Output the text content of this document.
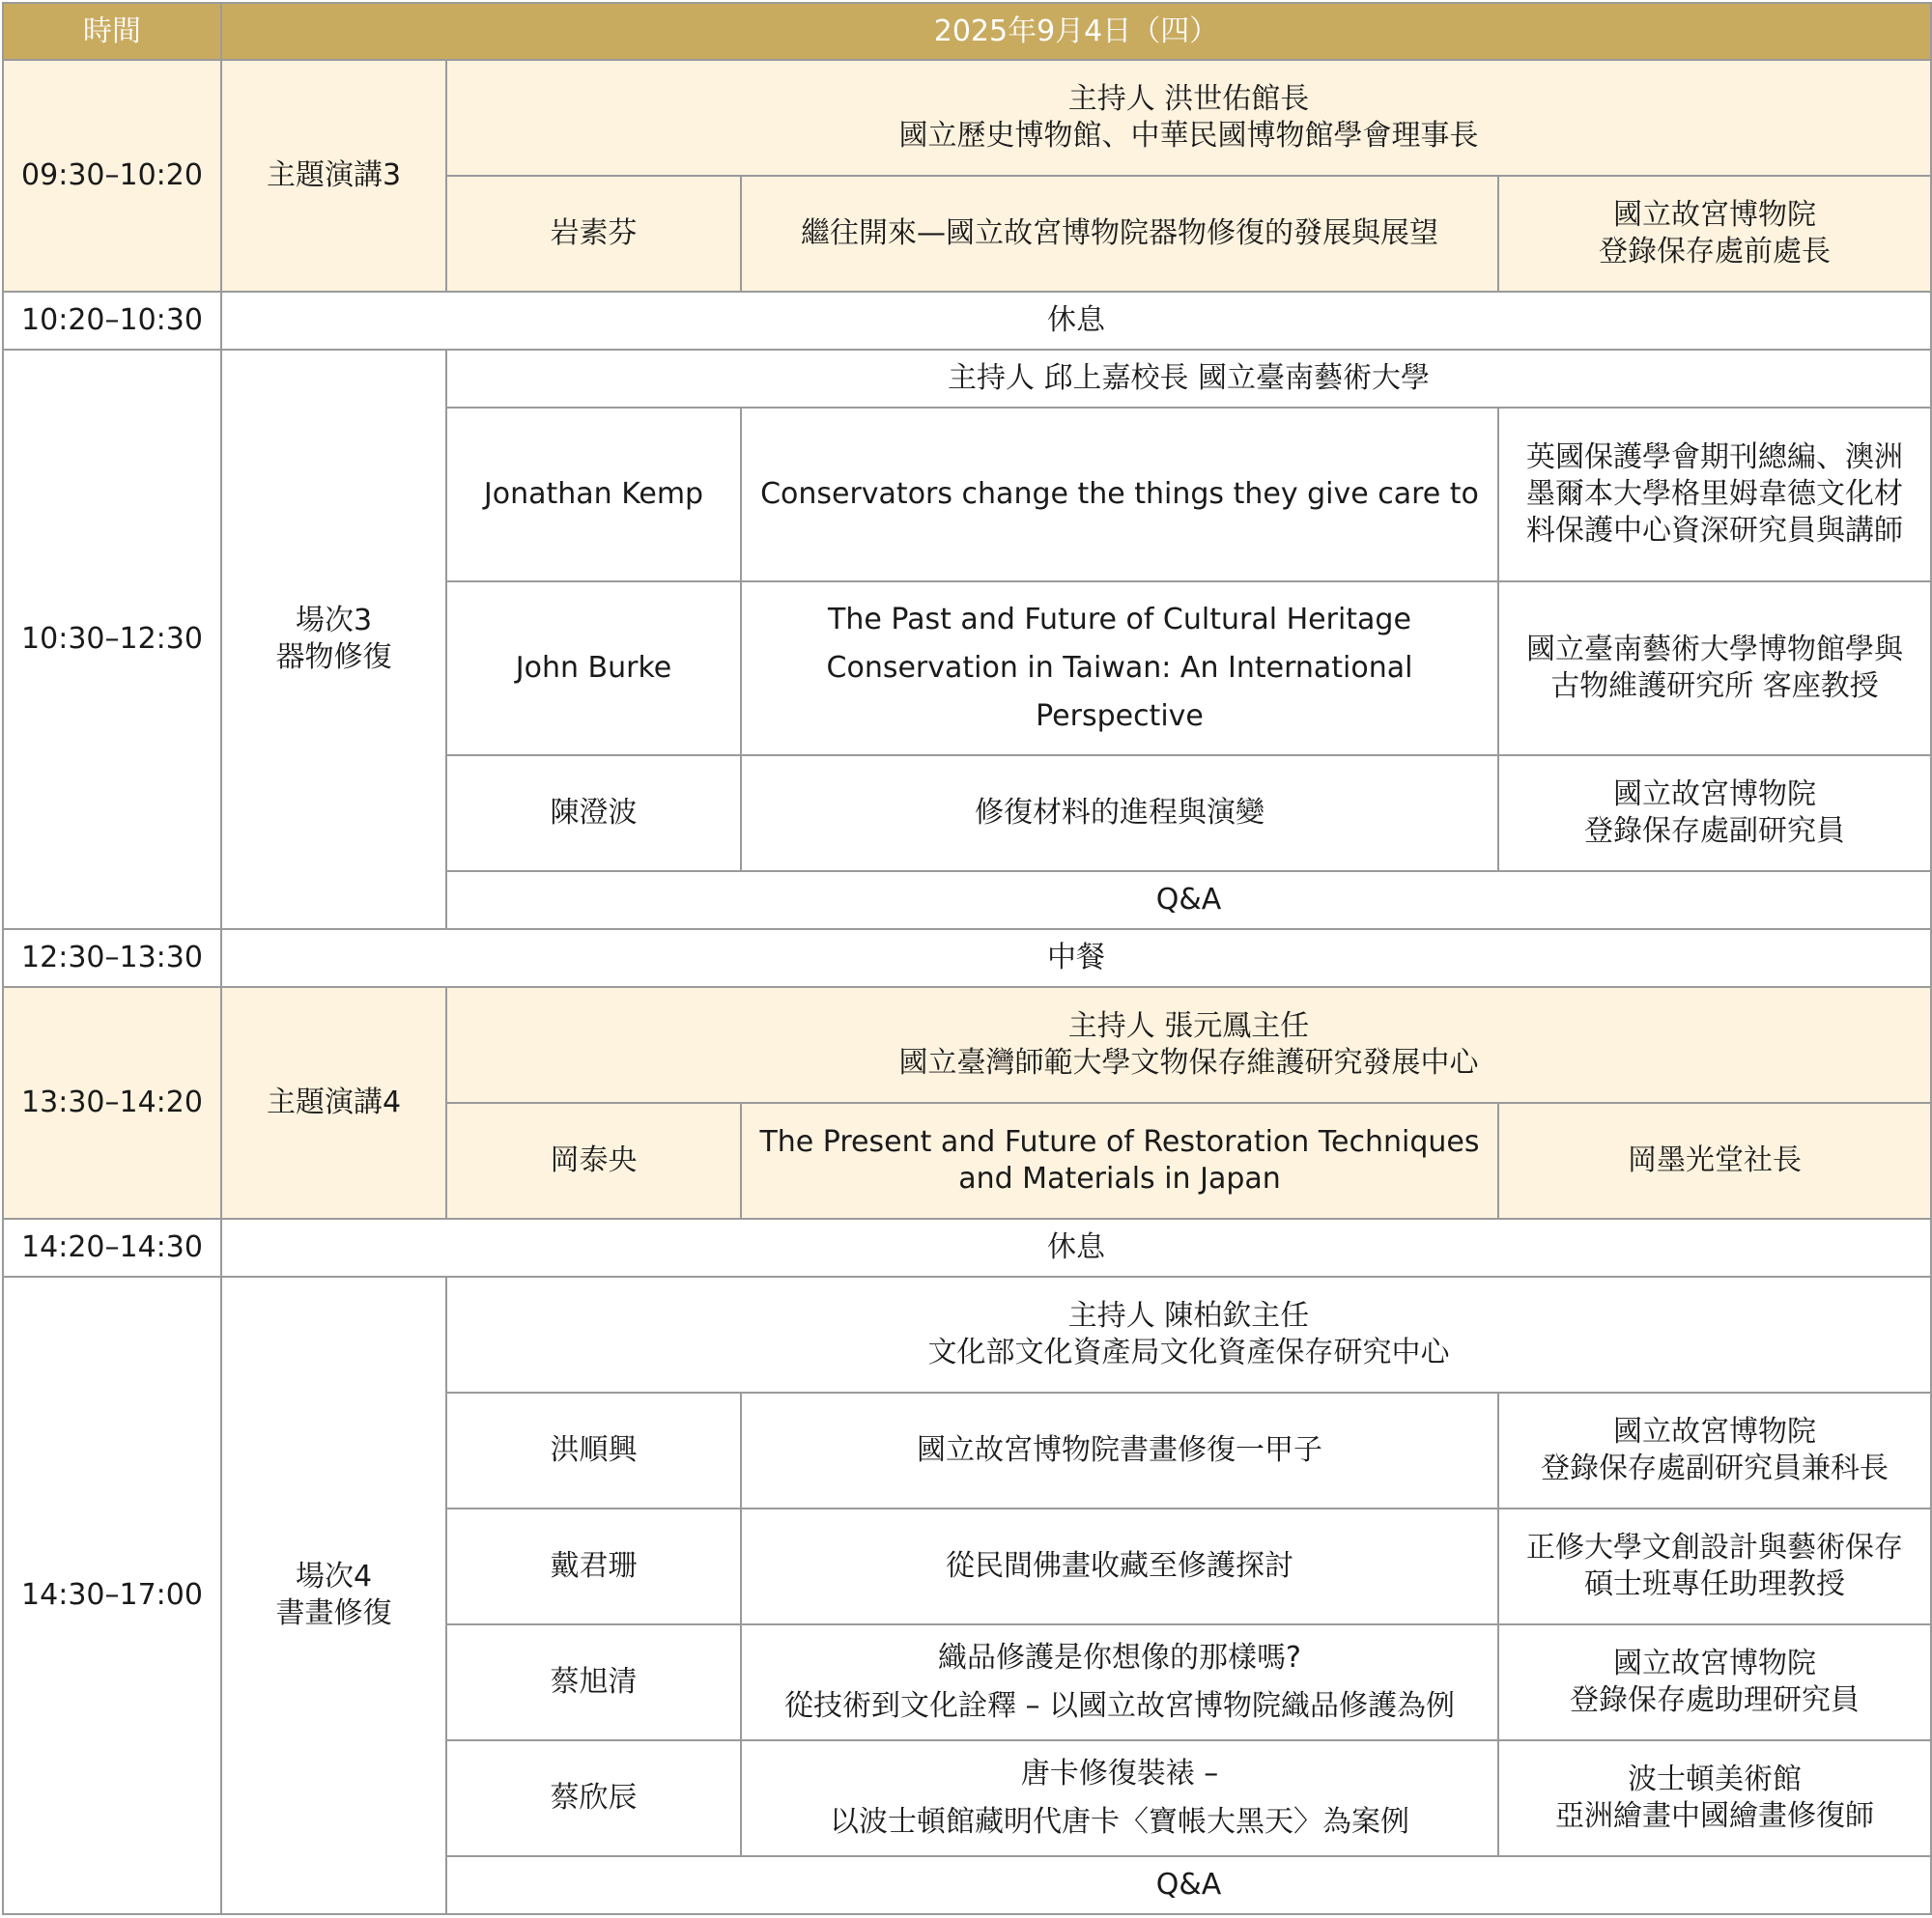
時間	2025年9月4日（四）			
09:30–10:20	主題演講3	主持人 洪世佑館長
國立歷史博物館、中華民國博物館學會理事長		

		岩素芬	繼往開來—國立故宮博物院器物修復的發展與展望	國立故宮博物院
登錄保存處前處長

10:20–10:30	休息			
10:30–12:30	場次3
器物修復	主持人 邱上嘉校長 國立臺南藝術大學		
		Jonathan Kemp	Conservators change the things they give care to	英國保護學會期刊總編、澳洲
墨爾本大學格里姆韋德文化材
料保護中心資深研究員與講師

		John Burke	The Past and Future of Cultural Heritage
Conservation in Taiwan: An International Perspective	國立臺南藝術大學博物館學與
古物維護研究所 客座教授

		陳澄波	修復材料的進程與演變	國立故宮博物院
登錄保存處副研究員

		Q&A		

12:30–13:30	中餐			
13:30–14:20	主題演講4	主持人 張元鳳主任
國立臺灣師範大學文物保存維護研究發展中心		

		岡泰央	The Present and Future of Restoration Techniques
and Materials in Japan	岡墨光堂社長
14:20–14:30	休息			
14:30–17:00	場次4
書畫修復	主持人 陳柏欽主任
文化部文化資產局文化資產保存研究中心		

		洪順興	國立故宮博物院書畫修復一甲子	國立故宮博物院
登錄保存處副研究員兼科長

		戴君珊	從民間佛畫收藏至修護探討	正修大學文創設計與藝術保存
碩士班專任助理教授

		蔡旭清	織品修護是你想像的那樣嗎?
從技術到文化詮釋 – 以國立故宮博物院織品修護為例	國立故宮博物院
登錄保存處助理研究員

		蔡欣辰	唐卡修復裝裱 –
以波士頓館藏明代唐卡〈寶帳大黑天〉為案例	波士頓美術館
亞洲繪畫中國繪畫修復師

		Q&A		
